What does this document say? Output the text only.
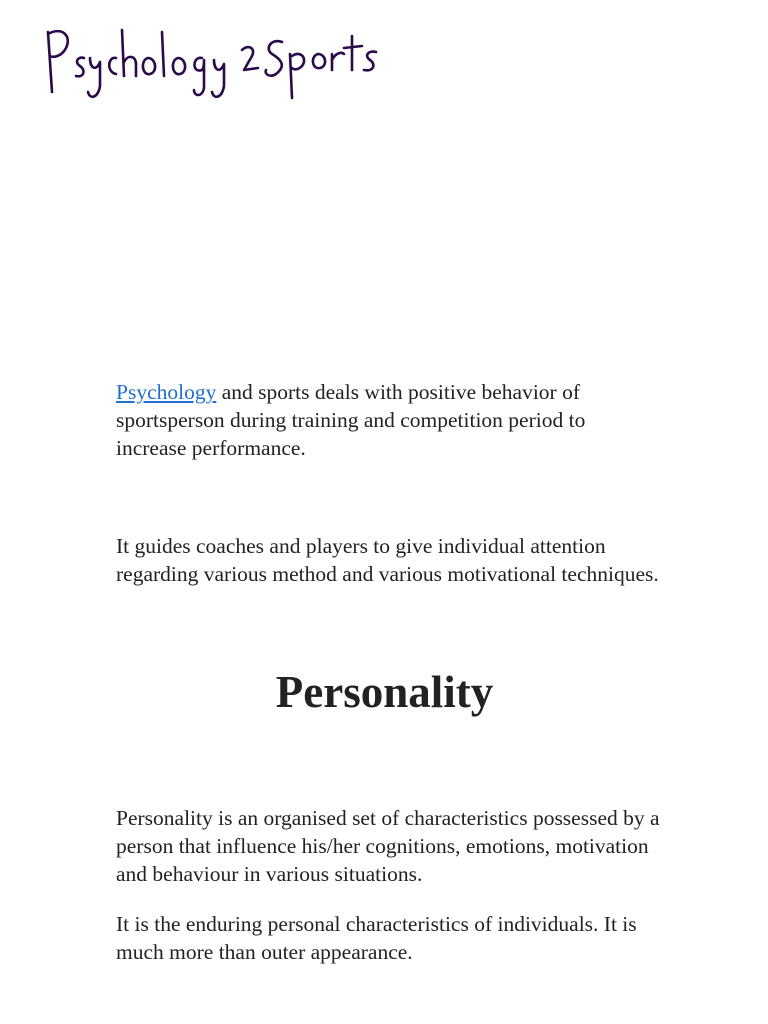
Psychology and sports deals with positive behavior of sportsperson during training and competition period to increase performance.

It guides coaches and players to give individual attention regarding various method and various motivational techniques.

Personality

Personality is an organised set of characteristics possessed by a person that influence his/her cognitions, emotions, motivation and behaviour in various situations.

It is the enduring personal characteristics of individuals. It is much more than outer appearance.
